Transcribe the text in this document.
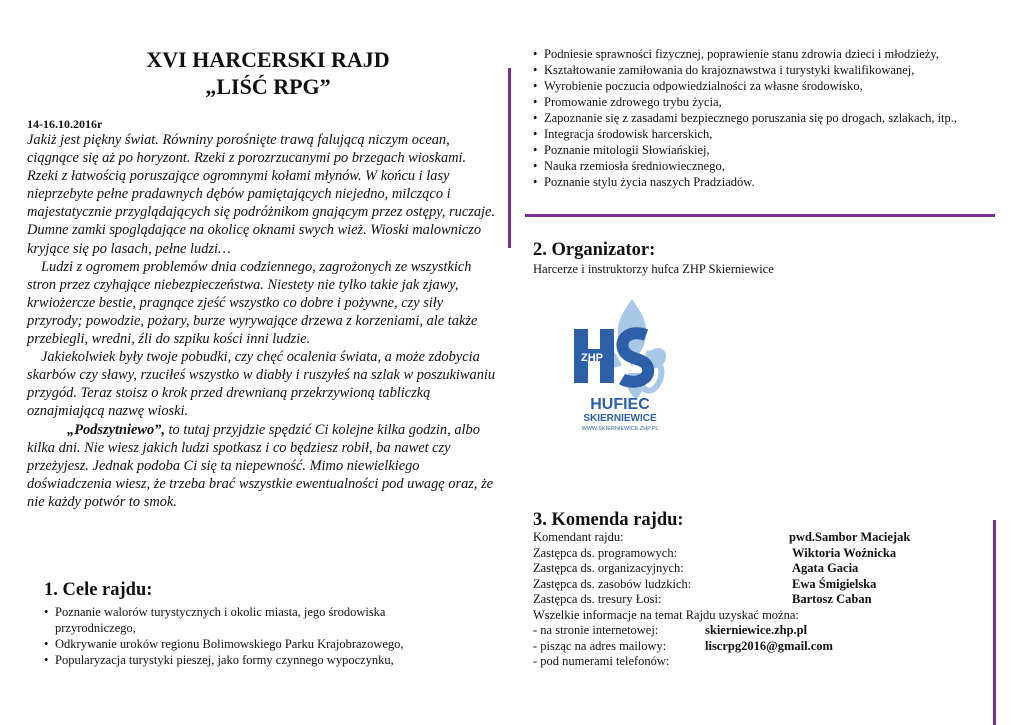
XVI HARCERSKI RAJD
„LIŚĆ RPG”
14-16.10.2016r

Jakiż jest piękny świat. Równiny porośnięte trawą falującą niczym ocean, ciągnące się aż po horyzont. Rzeki z porozrzucanymi po brzegach wioskami. Rzeki z łatwością poruszające ogromnymi kołami młynów. W końcu i lasy nieprzebyte pełne pradawnych dębów pamiętających niejedno, milcząco i majestatycznie przyglądających się podróżnikom gnającym przez ostępy, ruczaje. Dumne zamki spoglądające na okolicę oknami swych wież. Wioski malowniczo kryjące się po lasach, pełne ludzi…

Ludzi z ogromem problemów dnia codziennego, zagrożonych ze wszystkich stron przez czyhające niebezpieczeństwa. Niestety nie tylko takie jak zjawy, krwiożercze bestie, pragnące zjeść wszystko co dobre i pożywne, czy siły przyrody; powodzie, pożary, burze wyrywające drzewa z korzeniami, ale także przebiegli, wredni, źli do szpiku kości inni ludzie.

Jakiekolwiek były twoje pobudki, czy chęć ocalenia świata, a może zdobycia skarbów czy sławy, rzuciłeś wszystko w diabły i ruszyłeś na szlak w poszukiwaniu przygód. Teraz stoisz o krok przed drewnianą przekrzywioną tabliczką oznajmiającą nazwę wioski.

„Podszytniewo”, to tutaj przyjdzie spędzić Ci kolejne kilka godzin, albo kilka dni. Nie wiesz jakich ludzi spotkasz i co będziesz robił, ba nawet czy przeżyjesz. Jednak podoba Ci się ta niepewność. Mimo niewielkiego doświadczenia wiesz, że trzeba brać wszystkie ewentualności pod uwagę oraz, że nie każdy potwór to smok.

1. Cele rajdu:
• Poznanie walorów turystycznych i okolic miasta, jego środowiska przyrodniczego,
• Odkrywanie uroków regionu Bolimowskiego Parku Krajobrazowego,
• Popularyzacja turystyki pieszej, jako formy czynnego wypoczynku,
• Podniesie sprawności fizycznej, poprawienie stanu zdrowia dzieci i młodzieży,
• Kształtowanie zamiłowania do krajoznawstwa i turystyki kwalifikowanej,
• Wyrobienie poczucia odpowiedzialności za własne środowisko,
• Promowanie zdrowego trybu życia,
• Zapoznanie się z zasadami bezpiecznego poruszania się po drogach, szlakach, itp.,
• Integracja środowisk harcerskich,
• Poznanie mitologii Słowiańskiej,
• Nauka rzemiosła średniowiecznego,
• Poznanie stylu życia naszych Pradziadów.
2. Organizator:
Harcerze i instruktorzy hufca ZHP Skierniewice
ZHP
HUFIEC
SKIERNIEWICE
WWW.SKIERNIEWICE.ZHP.PL
3. Komenda rajdu:
Komendant rajdu:	pwd.Sambor Maciejak
Zastępca ds. programowych:	Wiktoria Woźnicka
Zastępca ds. organizacyjnych:	Agata Gacia
Zastępca ds. zasobów ludzkich:	Ewa Śmigielska
Zastępca ds. tresury Łosi:	Bartosz Caban
Wszelkie informacje na temat Rajdu uzyskać można:
- na stronie internetowej:	skierniewice.zhp.pl
- pisząc na adres mailowy:	liscrpg2016@gmail.com
- pod numerami telefonów:
